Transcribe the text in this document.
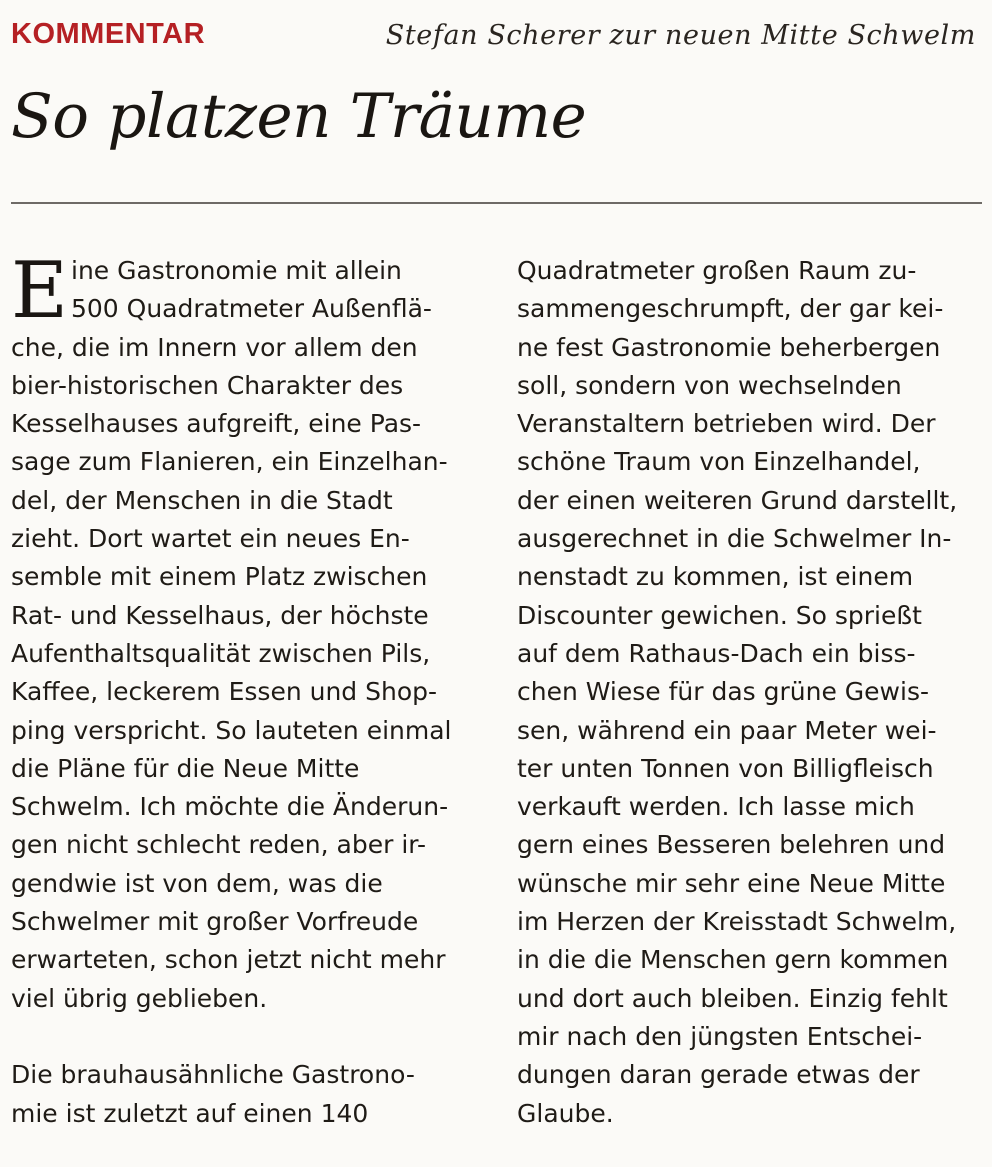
KOMMENTAR	Stefan Scherer zur neuen Mitte Schwelm
So platzen Träume
E ine Gastronomie mit allein
500 Quadratmeter Außenflä-
che, die im Innern vor allem den
bier-historischen Charakter des
Kesselhauses aufgreift, eine Pas-
sage zum Flanieren, ein Einzelhan-
del, der Menschen in die Stadt
zieht. Dort wartet ein neues En-
semble mit einem Platz zwischen
Rat- und Kesselhaus, der höchste
Aufenthaltsqualität zwischen Pils,
Kaffee, leckerem Essen und Shop-
ping verspricht. So lauteten einmal
die Pläne für die Neue Mitte
Schwelm. Ich möchte die Änderun-
gen nicht schlecht reden, aber ir-
gendwie ist von dem, was die
Schwelmer mit großer Vorfreude
erwarteten, schon jetzt nicht mehr
viel übrig geblieben.
Die brauhausähnliche Gastrono-
mie ist zuletzt auf einen 140
Quadratmeter großen Raum zu-
sammengeschrumpft, der gar kei-
ne fest Gastronomie beherbergen
soll, sondern von wechselnden
Veranstaltern betrieben wird. Der
schöne Traum von Einzelhandel,
der einen weiteren Grund darstellt,
ausgerechnet in die Schwelmer In-
nenstadt zu kommen, ist einem
Discounter gewichen. So sprießt
auf dem Rathaus-Dach ein biss-
chen Wiese für das grüne Gewis-
sen, während ein paar Meter wei-
ter unten Tonnen von Billigfleisch
verkauft werden. Ich lasse mich
gern eines Besseren belehren und
wünsche mir sehr eine Neue Mitte
im Herzen der Kreisstadt Schwelm,
in die die Menschen gern kommen
und dort auch bleiben. Einzig fehlt
mir nach den jüngsten Entschei-
dungen daran gerade etwas der
Glaube.
